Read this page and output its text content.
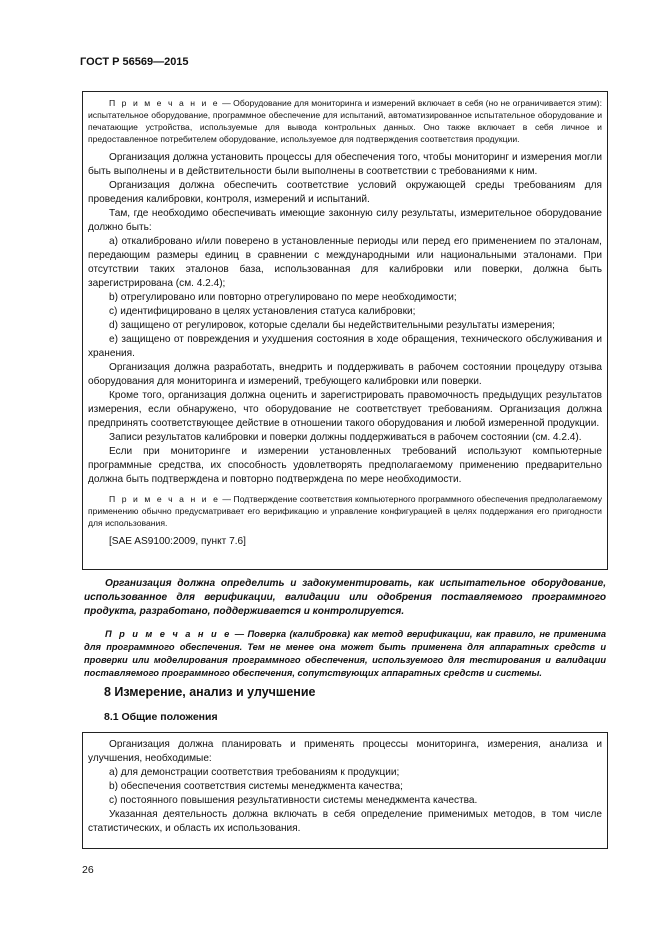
ГОСТ Р 56569—2015

П р и м е ч а н и е — Оборудование для мониторинга и измерений включает в себя (но не ограничивается этим): испытательное оборудование, программное обеспечение для испытаний, автоматизированное испытательное оборудование и печатающие устройства, используемые для вывода контрольных данных. Оно также включает в себя личное и предоставленное потребителем оборудование, используемое для подтверждения соответствия продукции.

Организация должна установить процессы для обеспечения того, чтобы мониторинг и измерения могли быть выполнены и в действительности были выполнены в соответствии с требованиями к ним.

Организация должна обеспечить соответствие условий окружающей среды требованиям для проведения калибровки, контроля, измерений и испытаний.

Там, где необходимо обеспечивать имеющие законную силу результаты, измерительное оборудование должно быть:

a) откалибровано и/или поверено в установленные периоды или перед его применением по эталонам, передающим размеры единиц в сравнении с международными или национальными эталонами. При отсутствии таких эталонов база, использованная для калибровки или поверки, должна быть зарегистрирована (см. 4.2.4);

b) отрегулировано или повторно отрегулировано по мере необходимости;

c) идентифицировано в целях установления статуса калибровки;

d) защищено от регулировок, которые сделали бы недействительными результаты измерения;

e) защищено от повреждения и ухудшения состояния в ходе обращения, технического обслуживания и хранения.

Организация должна разработать, внедрить и поддерживать в рабочем состоянии процедуру отзыва оборудования для мониторинга и измерений, требующего калибровки или поверки.

Кроме того, организация должна оценить и зарегистрировать правомочность предыдущих результатов измерения, если обнаружено, что оборудование не соответствует требованиям. Организация должна предпринять соответствующее действие в отношении такого оборудования и любой измеренной продукции.

Записи результатов калибровки и поверки должны поддерживаться в рабочем состоянии (см. 4.2.4).

Если при мониторинге и измерении установленных требований используют компьютерные программные средства, их способность удовлетворять предполагаемому применению предварительно должна быть подтверждена и повторно подтверждена по мере необходимости.

П р и м е ч а н и е — Подтверждение соответствия компьютерного программного обеспечения предполагаемому применению обычно предусматривает его верификацию и управление конфигурацией в целях поддержания его пригодности для использования.

[SAE AS9100:2009, пункт 7.6]

Организация должна определить и задокументировать, как испытательное оборудование, использованное для верификации, валидации или одобрения поставляемого программного продукта, разработано, поддерживается и контролируется.

П р и м е ч а н и е — Поверка (калибровка) как метод верификации, как правило, не применима для программного обеспечения. Тем не менее она может быть применена для аппаратных средств и проверки или моделирования программного обеспечения, используемого для тестирования и валидации поставляемого программного обеспечения, сопутствующих аппаратных средств и системы.

8 Измерение, анализ и улучшение
8.1 Общие положения

Организация должна планировать и применять процессы мониторинга, измерения, анализа и улучшения, необходимые:

a) для демонстрации соответствия требованиям к продукции;

b) обеспечения соответствия системы менеджмента качества;

c) постоянного повышения результативности системы менеджмента качества.

Указанная деятельность должна включать в себя определение применимых методов, в том числе статистических, и область их использования.

26
